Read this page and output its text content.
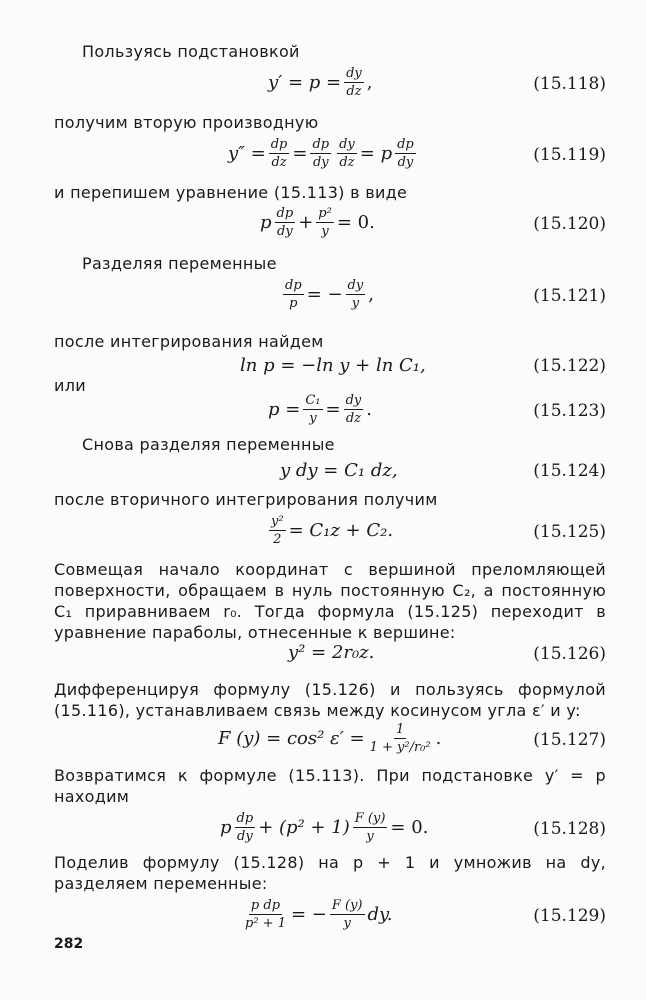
Пользуясь подстановкой
$y' = p = \frac{dy}{dz}$ ,	(15.118)
получим вторую производную
$y'' = \frac{dp}{dz} = \frac{dp}{dy} \frac{dy}{dz} = p \frac{dp}{dy}$	(15.119)
и перепишем уравнение (15.113) в виде
p $\frac{dp}{dy} + \frac{\text{p²}}{y} = 0$.	(15.120)
Разделяя переменные
$\frac{dp}{p}$ = − $\frac{dy}{y}$ ,	(15.121)
после интегрирования найдем
ln p = −ln y + ln C₁,	(15.122)
или
$p = \frac{\text{C₁}}{y} = \frac{dy}{dz}$ .	(15.123)
Снова разделяя переменные
y dy = C₁ dz,	(15.124)
после вторичного интегрирования получим
$\frac{\text{y²}}{2} = C_1z + C_2$.	(15.125)
Совмещая начало координат с вершиной преломляющей поверхности, обращаем в нуль постоянную C₂, а постоянную C₁ приравниваем r₀. Тогда формула (15.125) переходит в уравнение параболы, отнесенные к вершине:
y² = 2r₀z.	(15.126)
Дифференцируя формулу (15.126) и пользуясь формулой (15.116), устанавливаем связь между косинусом угла ε′ и y:
F (y) = cos² $\varepsilon' = \frac{1}{\text{1 + y²/r₀²}}$ .	(15.127)
Возвратимся к формуле (15.113). При подстановке y′ = p находим
p $\frac{dp}{dy} + (p^2 + 1) \frac{F (y)}{y} = 0$.	(15.128)
Поделив формулу (15.128) на p + 1 и умножив на dy, разделяем переменные:
$\frac{\text{p dp}}{\text{p² + 1}}$ = − $\frac{F (y)}{y}$ dy.	(15.129)
282
